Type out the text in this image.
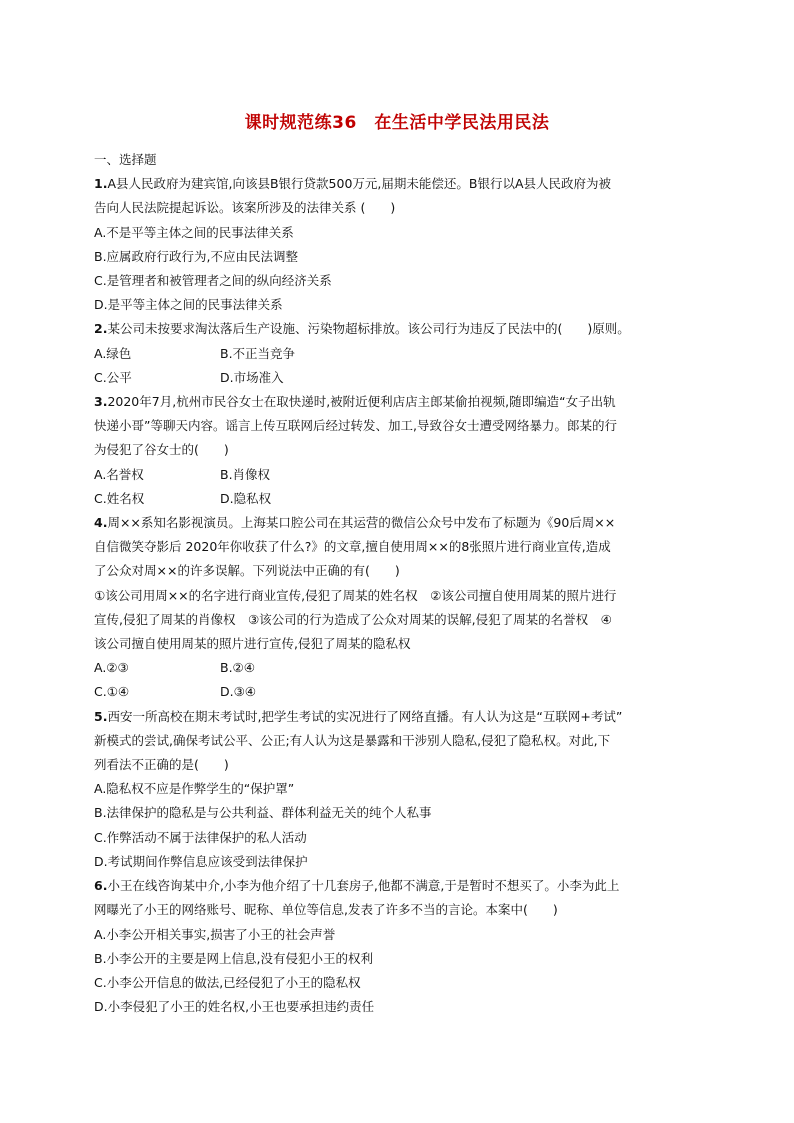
课时规范练36　在生活中学民法用民法
一、选择题
1.A县人民政府为建宾馆,向该县B银行贷款500万元,届期未能偿还。B银行以A县人民政府为被
告向人民法院提起诉讼。该案所涉及的法律关系 (　　)
A.不是平等主体之间的民事法律关系
B.应属政府行政行为,不应由民法调整
C.是管理者和被管理者之间的纵向经济关系
D.是平等主体之间的民事法律关系
2.某公司未按要求淘汰落后生产设施、污染物超标排放。该公司行为违反了民法中的(　　)原则。
A.绿色	B.不正当竞争
C.公平	D.市场准入
3.2020年7月,杭州市民谷女士在取快递时,被附近便利店店主郎某偷拍视频,随即编造“女子出轨
快递小哥”等聊天内容。谣言上传互联网后经过转发、加工,导致谷女士遭受网络暴力。郎某的行
为侵犯了谷女士的(　　)
A.名誉权	B.肖像权
C.姓名权	D.隐私权
4.周××系知名影视演员。上海某口腔公司在其运营的微信公众号中发布了标题为《90后周××
自信微笑夺影后 2020年你收获了什么?》的文章,擅自使用周××的8张照片进行商业宣传,造成
了公众对周××的许多误解。下列说法中正确的有(　　)
①该公司用周××的名字进行商业宣传,侵犯了周某的姓名权　②该公司擅自使用周某的照片进行
宣传,侵犯了周某的肖像权　③该公司的行为造成了公众对周某的误解,侵犯了周某的名誉权　④
该公司擅自使用周某的照片进行宣传,侵犯了周某的隐私权
A.②③	B.②④
C.①④	D.③④
5.西安一所高校在期末考试时,把学生考试的实况进行了网络直播。有人认为这是“互联网+考试”
新模式的尝试,确保考试公平、公正;有人认为这是暴露和干涉别人隐私,侵犯了隐私权。对此,下
列看法不正确的是(　　)
A.隐私权不应是作弊学生的“保护罩”
B.法律保护的隐私是与公共利益、群体利益无关的纯个人私事
C.作弊活动不属于法律保护的私人活动
D.考试期间作弊信息应该受到法律保护
6.小王在线咨询某中介,小李为他介绍了十几套房子,他都不满意,于是暂时不想买了。小李为此上
网曝光了小王的网络账号、昵称、单位等信息,发表了许多不当的言论。本案中(　　)
A.小李公开相关事实,损害了小王的社会声誉
B.小李公开的主要是网上信息,没有侵犯小王的权利
C.小李公开信息的做法,已经侵犯了小王的隐私权
D.小李侵犯了小王的姓名权,小王也要承担违约责任
